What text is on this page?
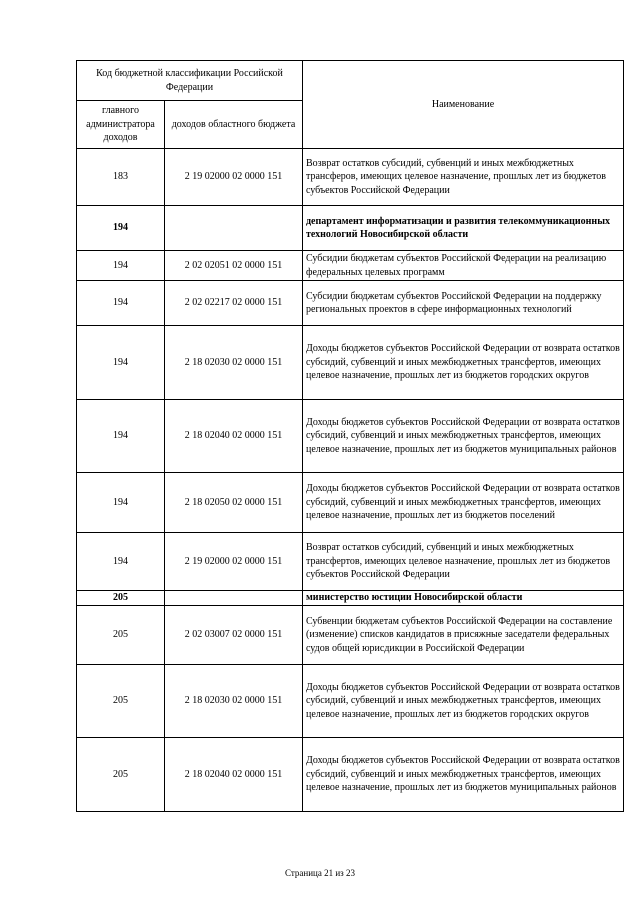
Код бюджетной классификации Российской Федерации		Наименование
главного администратора доходов	доходов областного бюджета	
183	2 19 02000 02 0000 151	Возврат остатков субсидий, субвенций и иных межбюджетных трансферов, имеющих целевое назначение, прошлых лет из бюджетов субъектов Российской Федерации
194		департамент информатизации и развития телекоммуникационных технологий Новосибирской области
194	2 02 02051 02 0000 151	Субсидии бюджетам субъектов Российской Федерации на реализацию федеральных целевых программ
194	2 02 02217 02 0000 151	Субсидии бюджетам субъектов Российской Федерации на поддержку региональных проектов в сфере информационных технологий
194	2 18 02030 02 0000 151	Доходы бюджетов субъектов Российской Федерации от возврата остатков субсидий, субвенций и иных межбюджетных трансфертов, имеющих целевое назначение, прошлых лет из бюджетов городских округов
194	2 18 02040 02 0000 151	Доходы бюджетов субъектов Российской Федерации от возврата остатков субсидий, субвенций и иных межбюджетных трансфертов, имеющих целевое назначение, прошлых лет из бюджетов муниципальных районов
194	2 18 02050 02 0000 151	Доходы бюджетов субъектов Российской Федерации от возврата остатков субсидий, субвенций и иных межбюджетных трансфертов, имеющих целевое назначение, прошлых лет из бюджетов поселений
194	2 19 02000 02 0000 151	Возврат остатков субсидий, субвенций и иных межбюджетных трансфертов, имеющих целевое назначение, прошлых лет из бюджетов субъектов Российской Федерации
205		министерство юстиции Новосибирской области
205	2 02 03007 02 0000 151	Субвенции бюджетам субъектов Российской Федерации на составление (изменение) списков кандидатов в присяжные заседатели федеральных судов общей юрисдикции в Российской Федерации
205	2 18 02030 02 0000 151	Доходы бюджетов субъектов Российской Федерации от возврата остатков субсидий, субвенций и иных межбюджетных трансфертов, имеющих целевое назначение, прошлых лет из бюджетов городских округов
205	2 18 02040 02 0000 151	Доходы бюджетов субъектов Российской Федерации от возврата остатков субсидий, субвенций и иных межбюджетных трансфертов, имеющих целевое назначение, прошлых лет из бюджетов муниципальных районов
Страница 21 из 23
